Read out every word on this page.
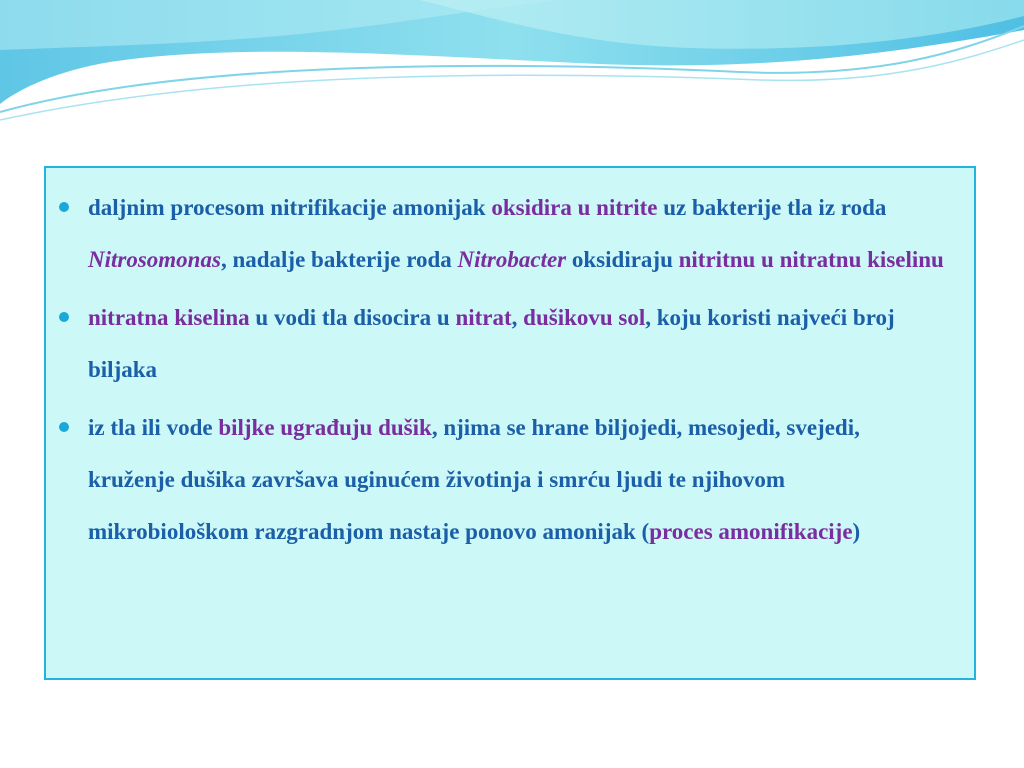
daljnim procesom nitrifikacije amonijak oksidira u nitrite uz bakterije tla iz roda Nitrosomonas, nadalje bakterije roda Nitrobacter oksidiraju nitritnu u nitratnu kiselinu
nitratna kiselina u vodi tla disocira u nitrat, dušikovu sol, koju koristi najveći broj biljaka
iz tla ili vode biljke ugrađuju dušik, njima se hrane biljojedi, mesojedi, svejedi, kruženje dušika završava uginućem životinja i smrću ljudi te njihovom mikrobiološkom razgradnjom nastaje ponovo amonijak (proces amonifikacije)
